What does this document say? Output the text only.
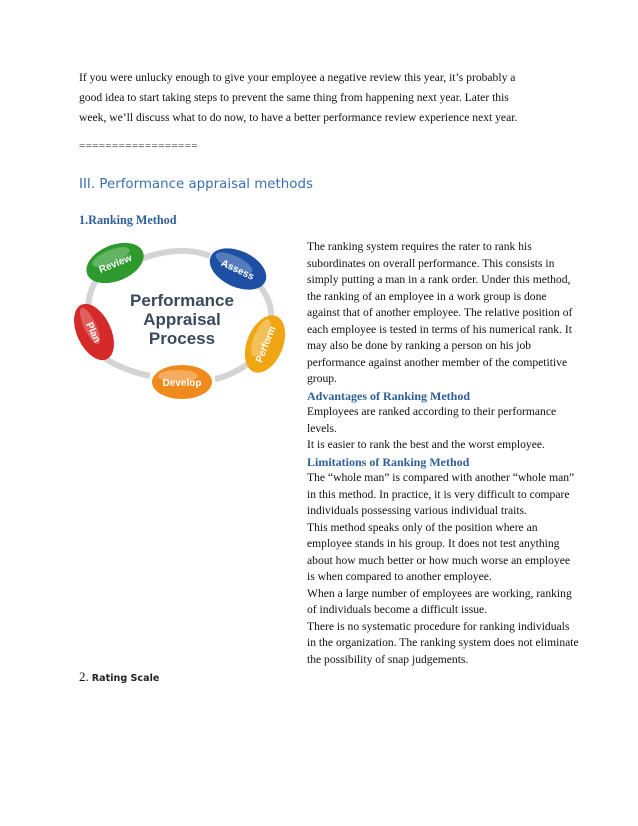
If you were unlucky enough to give your employee a negative review this year, it’s probably a

good idea to start taking steps to prevent the same thing from happening next year. Later this

week, we’ll discuss what to do now, to have a better performance review experience next year.

==================
III. Performance appraisal methods
1.Ranking Method
Performance
Appraisal
Process
Review	Assess
Perform
Develop
Plan

The ranking system requires the rater to rank his

subordinates on overall performance. This consists in

simply putting a man in a rank order. Under this method,

the ranking of an employee in a work group is done

against that of another employee. The relative position of

each employee is tested in terms of his numerical rank. It

may also be done by ranking a person on his job

performance against another member of the competitive

group.

Advantages of Ranking Method

Employees are ranked according to their performance

levels.

It is easier to rank the best and the worst employee.

Limitations of Ranking Method

The “whole man” is compared with another “whole man”

in this method. In practice, it is very difficult to compare

individuals possessing various individual traits.

This method speaks only of the position where an

employee stands in his group. It does not test anything

about how much better or how much worse an employee

is when compared to another employee.

When a large number of employees are working, ranking

of individuals become a difficult issue.

There is no systematic procedure for ranking individuals

in the organization. The ranking system does not eliminate

the possibility of snap judgements.

2. Rating Scale
